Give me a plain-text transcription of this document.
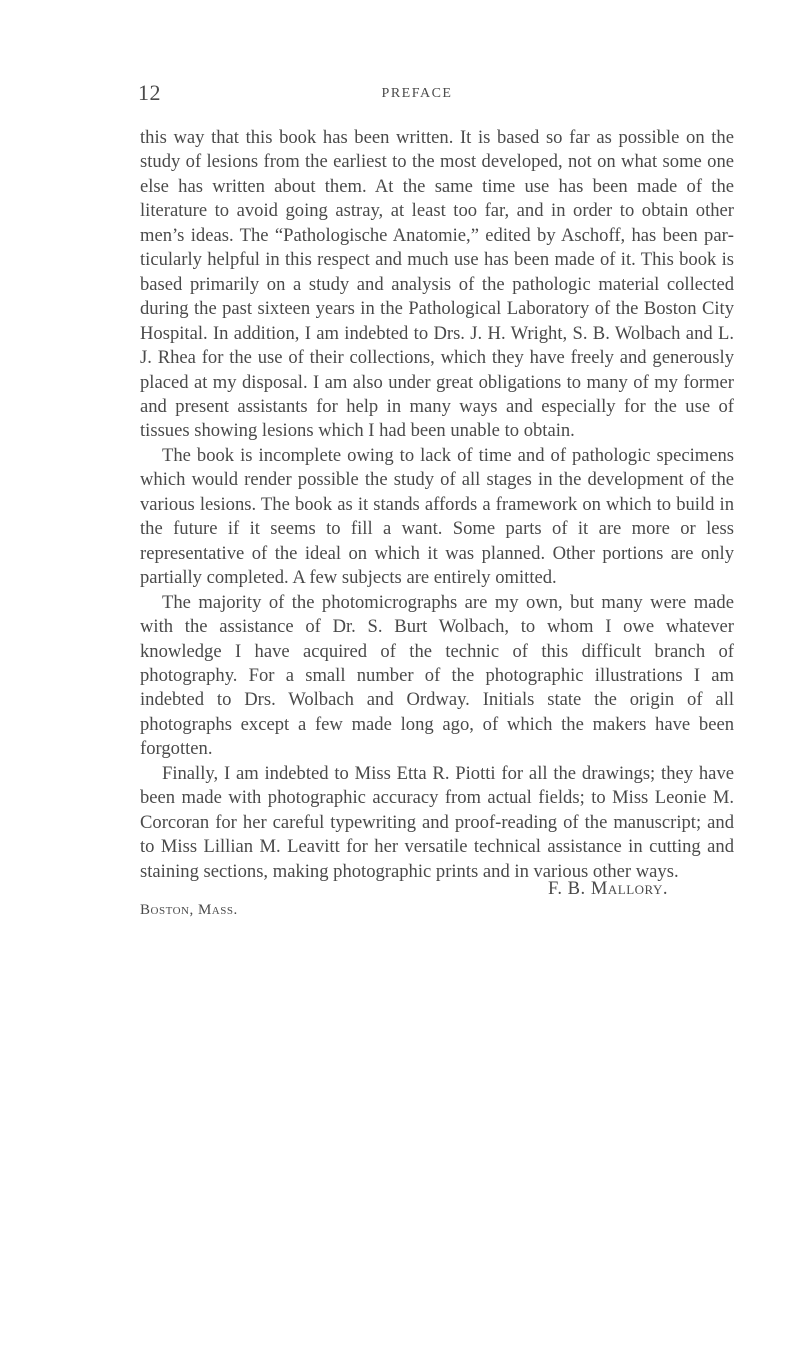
12	PREFACE

this way that this book has been written. It is based so far as possible on the study of lesions from the earliest to the most developed, not on what some one else has written about them. At the same time use has been made of the literature to avoid going astray, at least too far, and in order to obtain other men’s ideas. The “Pathologische Anatomie,” edited by Aschoff, has been particularly helpful in this respect and much use has been made of it. This book is based primarily on a study and analysis of the pathologic material collected during the past sixteen years in the Pathological Laboratory of the Boston City Hospital. In addition, I am indebted to Drs. J. H. Wright, S. B. Wolbach and L. J. Rhea for the use of their collections, which they have freely and generously placed at my disposal. I am also under great obligations to many of my former and present assistants for help in many ways and especially for the use of tissues showing lesions which I had been unable to obtain.

The book is incomplete owing to lack of time and of pathologic specimens which would render possible the study of all stages in the development of the various lesions. The book as it stands affords a framework on which to build in the future if it seems to fill a want. Some parts of it are more or less representative of the ideal on which it was planned. Other portions are only partially completed. A few subjects are entirely omitted.

The majority of the photomicrographs are my own, but many were made with the assistance of Dr. S. Burt Wolbach, to whom I owe whatever knowledge I have acquired of the technic of this difficult branch of photography. For a small number of the photographic illustrations I am indebted to Drs. Wolbach and Ordway. Initials state the origin of all photographs except a few made long ago, of which the makers have been forgotten.

Finally, I am indebted to Miss Etta R. Piotti for all the drawings; they have been made with photographic accuracy from actual fields; to Miss Leonie M. Corcoran for her careful typewriting and proof-reading of the manuscript; and to Miss Lillian M. Leavitt for her versatile technical assistance in cutting and staining sections, making photographic prints and in various other ways.

F. B. Mallory.
Boston, Mass.
